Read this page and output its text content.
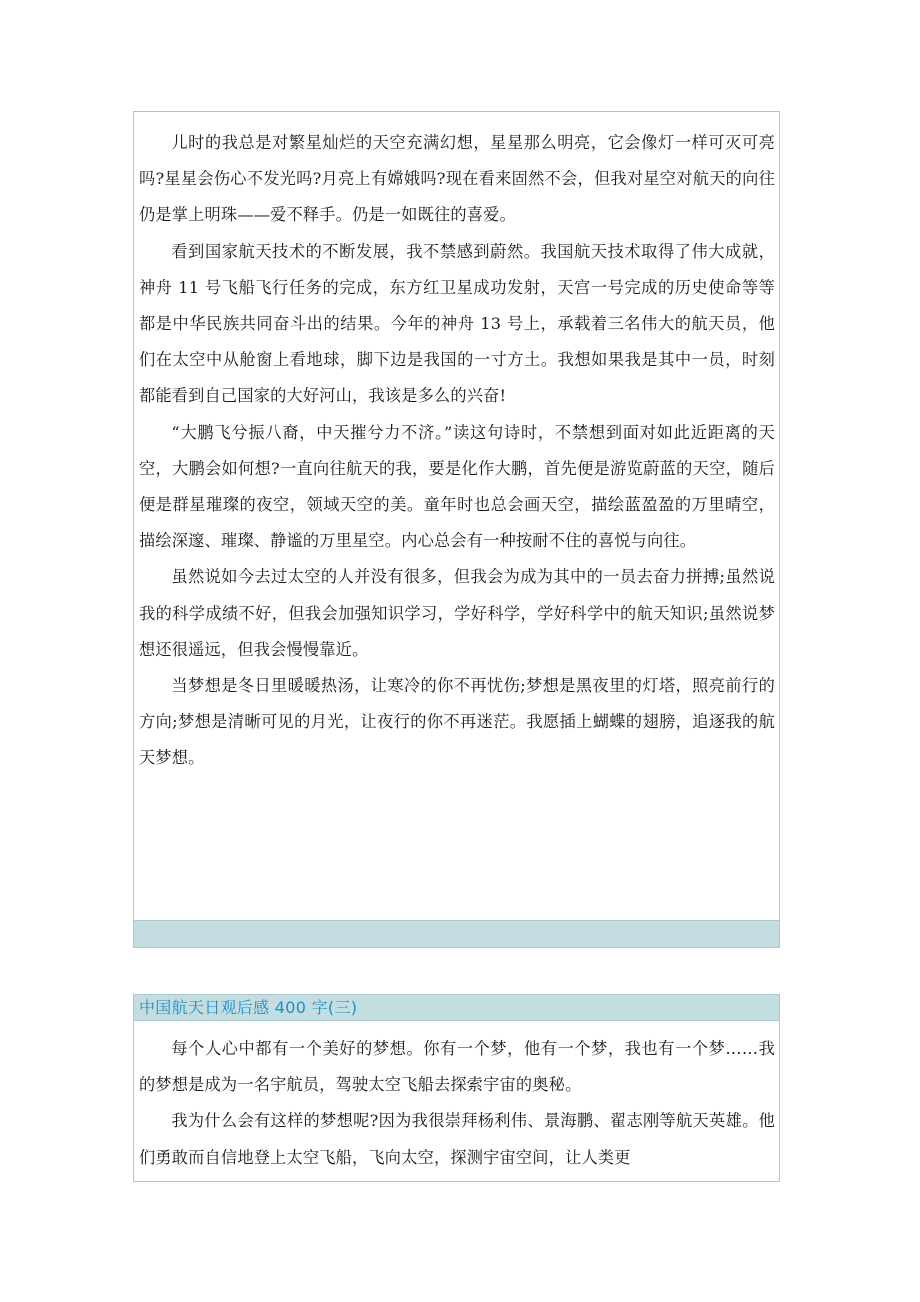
儿时的我总是对繁星灿烂的天空充满幻想，星星那么明亮，它会像灯一样可灭可亮吗?星星会伤心不发光吗?月亮上有嫦娥吗?现在看来固然不会，但我对星空对航天的向往仍是掌上明珠——爱不释手。仍是一如既往的喜爱。

看到国家航天技术的不断发展，我不禁感到蔚然。我国航天技术取得了伟大成就，神舟 11 号飞船飞行任务的完成，东方红卫星成功发射，天宫一号完成的历史使命等等都是中华民族共同奋斗出的结果。今年的神舟 13 号上，承载着三名伟大的航天员，他们在太空中从舱窗上看地球，脚下边是我国的一寸方土。我想如果我是其中一员，时刻都能看到自己国家的大好河山，我该是多么的兴奋!

“大鹏飞兮振八裔，中天摧兮力不济。”读这句诗时，不禁想到面对如此近距离的天空，大鹏会如何想?一直向往航天的我，要是化作大鹏，首先便是游览蔚蓝的天空，随后便是群星璀璨的夜空，领域天空的美。童年时也总会画天空，描绘蓝盈盈的万里晴空，描绘深邃、璀璨、静谧的万里星空。内心总会有一种按耐不住的喜悦与向往。

虽然说如今去过太空的人并没有很多，但我会为成为其中的一员去奋力拼搏;虽然说我的科学成绩不好，但我会加强知识学习，学好科学，学好科学中的航天知识;虽然说梦想还很遥远，但我会慢慢靠近。

当梦想是冬日里暖暖热汤，让寒冷的你不再忧伤;梦想是黑夜里的灯塔，照亮前行的方向;梦想是清晰可见的月光，让夜行的你不再迷茫。我愿插上蝴蝶的翅膀，追逐我的航天梦想。

中国航天日观后感 400 字(三)

每个人心中都有一个美好的梦想。你有一个梦，他有一个梦，我也有一个梦……我的梦想是成为一名宇航员，驾驶太空飞船去探索宇宙的奥秘。

我为什么会有这样的梦想呢?因为我很崇拜杨利伟、景海鹏、翟志刚等航天英雄。他们勇敢而自信地登上太空飞船，飞向太空，探测宇宙空间，让人类更
